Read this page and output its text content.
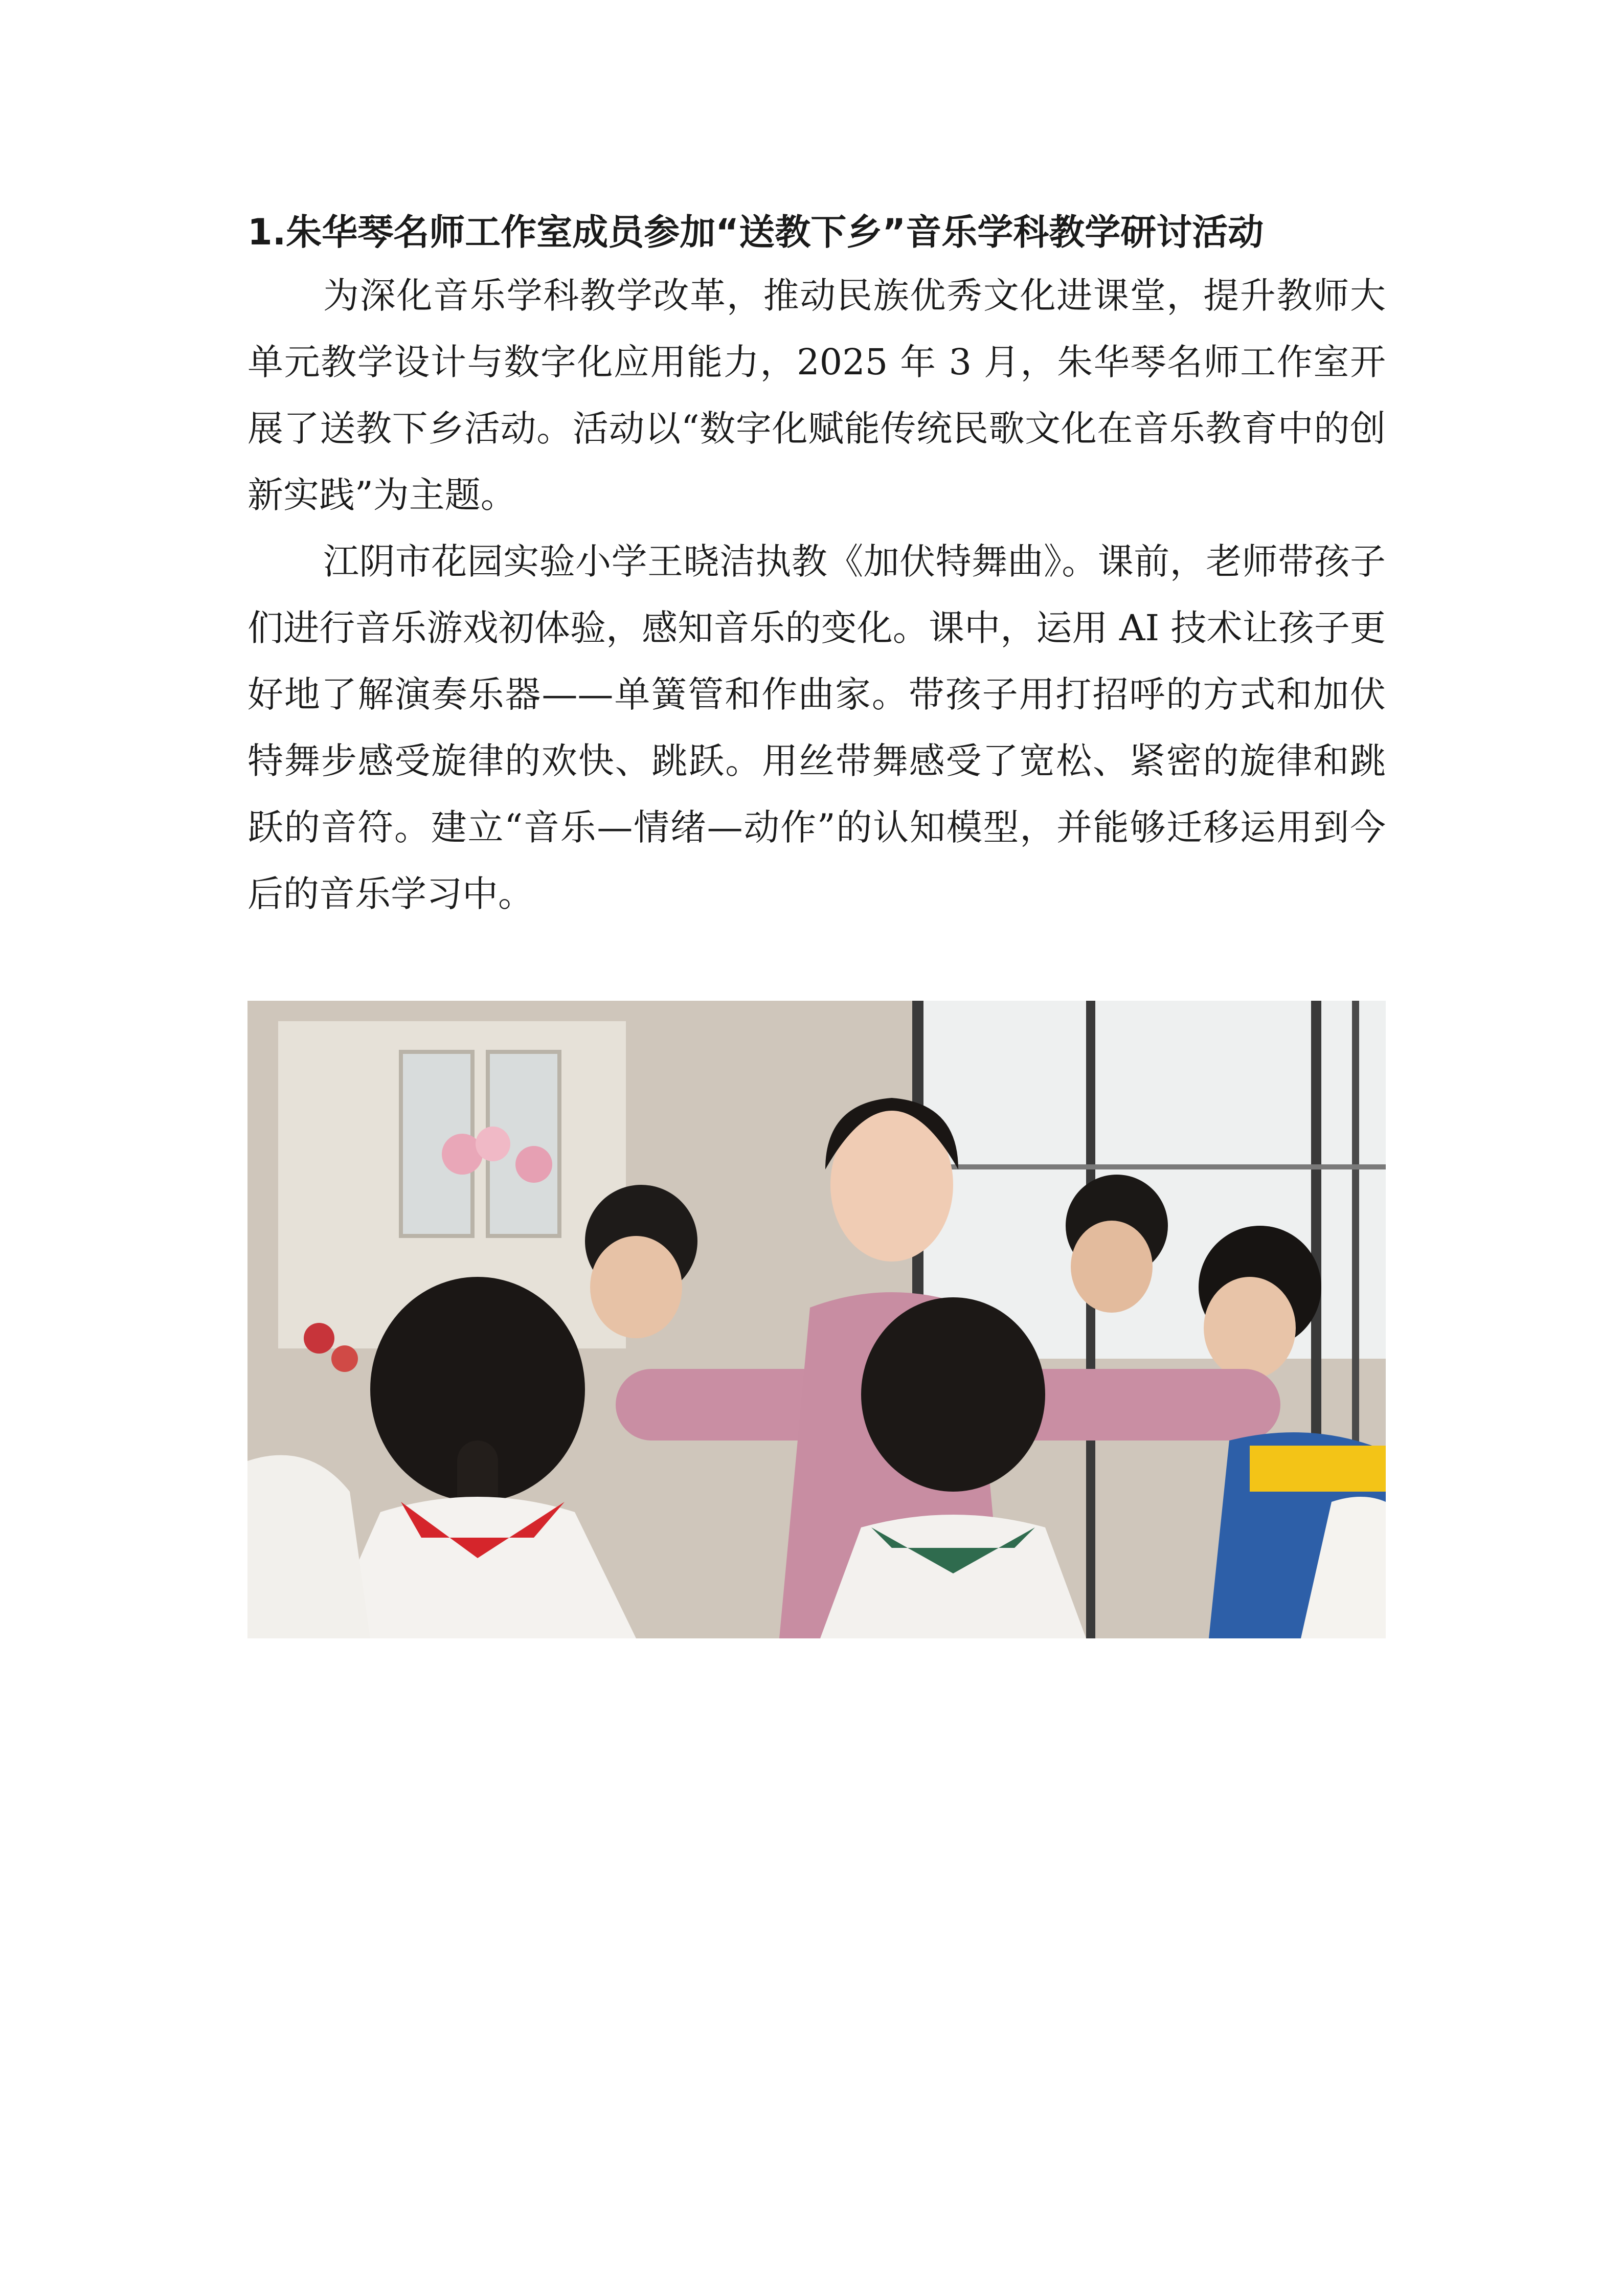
1.朱华琴名师工作室成员参加“送教下乡”音乐学科教学研讨活动

为深化音乐学科教学改革，推动民族优秀文化进课堂，提升教师大单元教学设计与数字化应用能力，2025 年 3 月，朱华琴名师工作室开展了送教下乡活动。活动以“数字化赋能传统民歌文化在音乐教育中的创新实践”为主题。

江阴市花园实验小学王晓洁执教《加伏特舞曲》。课前，老师带孩子们进行音乐游戏初体验，感知音乐的变化。课中，运用 AI 技术让孩子更好地了解演奏乐器——单簧管和作曲家。带孩子用打招呼的方式和加伏特舞步感受旋律的欢快、跳跃。用丝带舞感受了宽松、紧密的旋律和跳跃的音符。建立“音乐—情绪—动作”的认知模型，并能够迁移运用到今后的音乐学习中。
